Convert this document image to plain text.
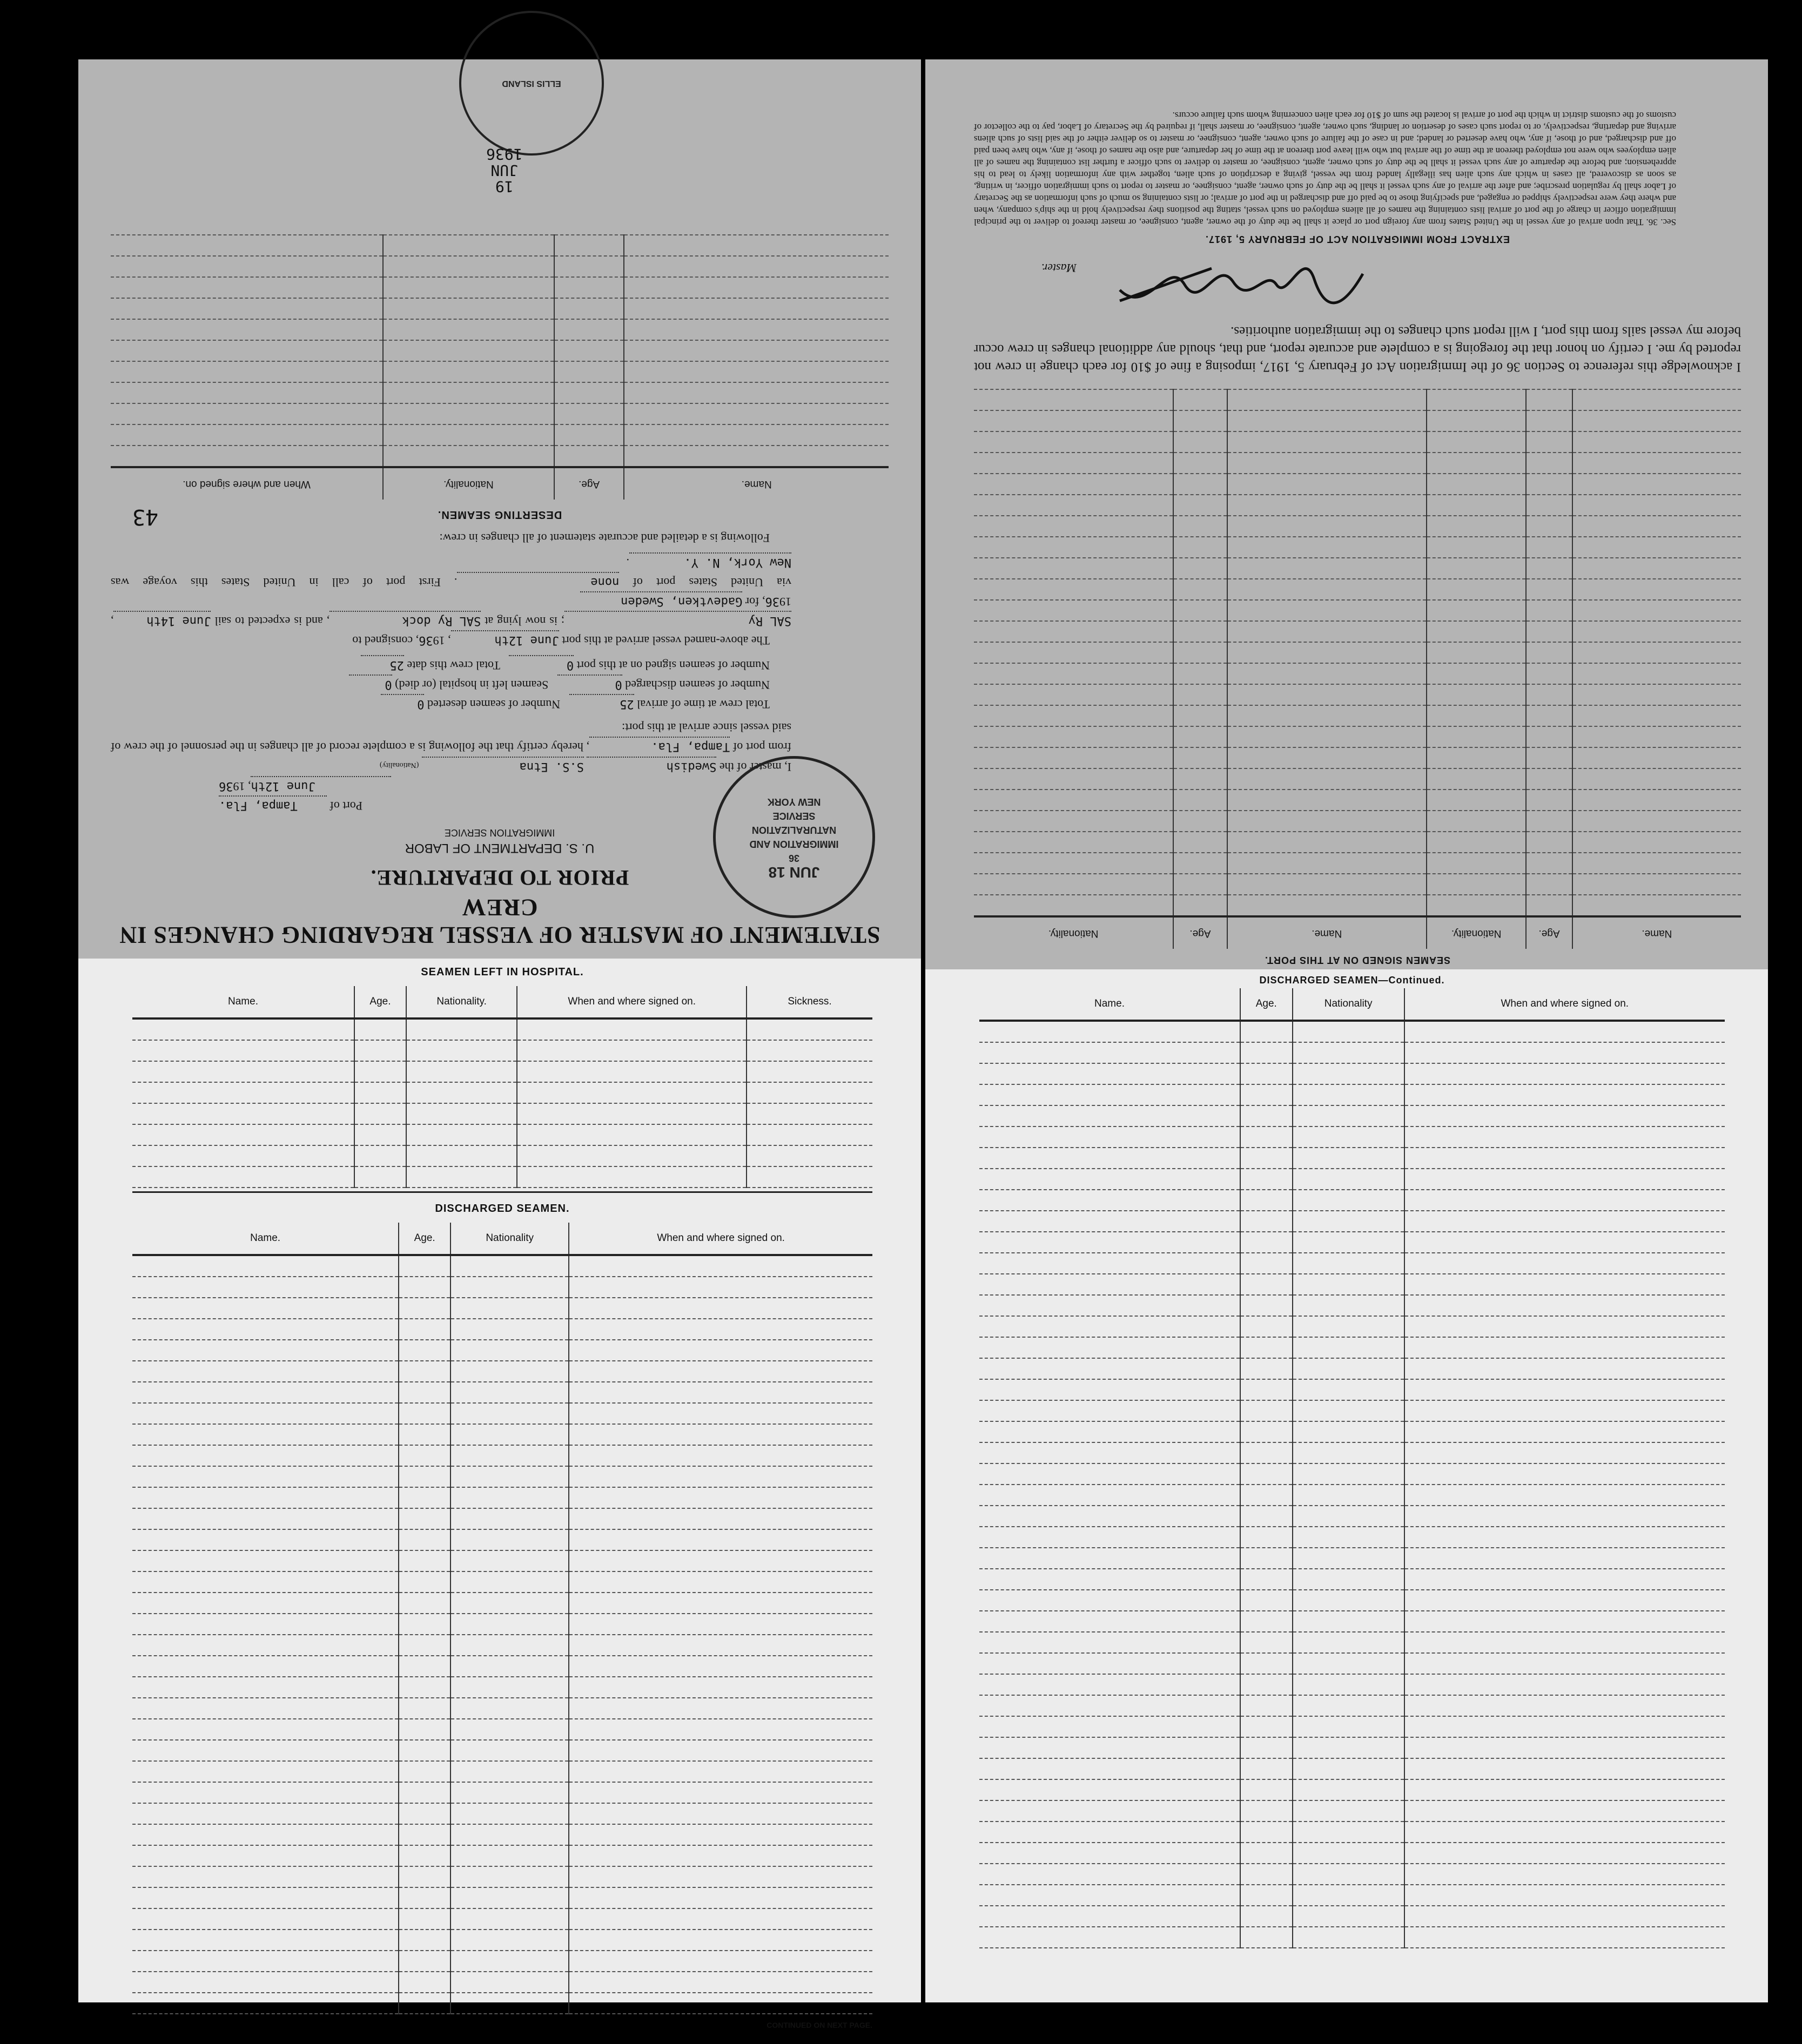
STATEMENT OF MASTER OF VESSEL REGARDING CHANGES IN CREW
PRIOR TO DEPARTURE.
U. S. DEPARTMENT OF LABOR
IMMIGRATION SERVICE
Port of Tampa, Fla.
June 12th, 1936
I, master of the Swedish S.S. Etna (Nationality)
from port of Tampa, Fla., hereby certify that the following is a complete record of all changes in the personnel of the crew of said vessel since arrival at this port:
Total crew at time of arrival 25   Number of seamen deserted 0
Number of seamen discharged 0   Seamen left in hospital (or died) 0
Number of seamen signed on at this port 0   Total crew this date 25
The above-named vessel arrived at this port June 12th, 1936, consigned to
SAL Ry; is now lying at SAL Ry dock, and is expected to sail June 14th, 1936, for Gadevtken, Sweden
via United States port of none. First port of call in United States this voyage was New York, N. Y..
Following is a detailed and accurate statement of all changes in crew:
DESERTING SEAMEN.
43
Name.	Age.	Nationality.	When and where signed on.

JUN 18
36
IMMIGRATION AND
NATURALIZATION
SERVICE
NEW YORK
ELLIS ISLAND
19
JUN
1936
SEAMEN SIGNED ON AT THIS PORT.
Name.	Age.	Nationality.	Name.	Age.	Nationality.

I acknowledge this reference to Section 36 of the Immigration Act of February 5, 1917, imposing a fine of $10 for each change in crew not reported by me. I certify on honor that the foregoing is a complete and accurate report, and that, should any additional changes in crew occur before my vessel sails from this port, I will report such changes to the immigration authorities.
Master.
EXTRACT FROM IMMIGRATION ACT OF FEBRUARY 5, 1917.
Sec. 36. That upon arrival of any vessel in the United States from any foreign port or place it shall be the duty of the owner, agent, consignee, or master thereof to deliver to the principal immigration officer in charge of the port of arrival lists containing the names of all aliens employed on such vessel, stating the positions they respectively hold in the ship's company, when and where they were respectively shipped or engaged, and specifying those to be paid off and discharged in the port of arrival; or lists containing so much of such information as the Secretary of Labor shall by regulation prescribe; and after the arrival of any such vessel it shall be the duty of such owner, agent, consignee, or master to report to such immigration officer, in writing, as soon as discovered, all cases in which any such alien has illegally landed from the vessel, giving a description of such alien, together with any information likely to lead to his apprehension; and before the departure of any such vessel it shall be the duty of such owner, agent, consignee, or master to deliver to such officer a further list containing the names of all alien employees who were not employed thereon at the time of the arrival but who will leave port thereon at the time of her departure, and also the names of those, if any, who have been paid off and discharged, and of those, if any, who have deserted or landed; and in case of the failure of such owner, agent, consignee, or master to so deliver either of the said lists of such aliens arriving and departing, respectively, or to report such cases of desertion or landing, such owner, agent, consignee, or master shall, if required by the Secretary of Labor, pay to the collector of customs of the customs district in which the port of arrival is located the sum of $10 for each alien concerning whom such failure occurs.
SEAMEN LEFT IN HOSPITAL.
Name.	Age.	Nationality.	When and where signed on.	Sickness.

DISCHARGED SEAMEN.
Name.	Age.	Nationality	When and where signed on.

CONTINUED ON NEXT PAGE.
DISCHARGED SEAMEN—Continued.
Name.	Age.	Nationality	When and where signed on.
